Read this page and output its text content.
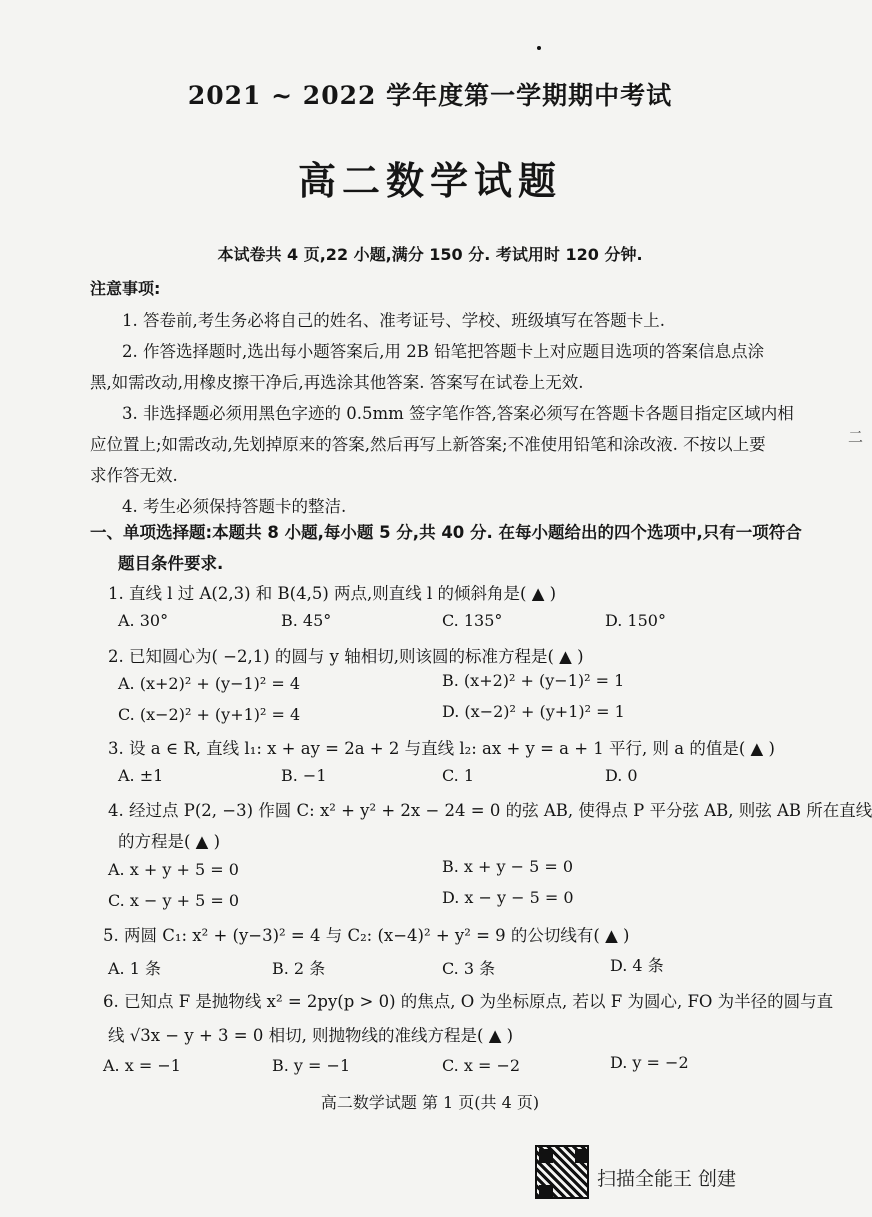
2021 ~ 2022 学年度第一学期期中考试
高二数学试题
本试卷共 4 页,22 小题,满分 150 分. 考试用时 120 分钟.
注意事项:
1. 答卷前,考生务必将自己的姓名、准考证号、学校、班级填写在答题卡上.
2. 作答选择题时,选出每小题答案后,用 2B 铅笔把答题卡上对应题目选项的答案信息点涂
黑,如需改动,用橡皮擦干净后,再选涂其他答案. 答案写在试卷上无效.
3. 非选择题必须用黑色字迹的 0.5mm 签字笔作答,答案必须写在答题卡各题目指定区域内相
应位置上;如需改动,先划掉原来的答案,然后再写上新答案;不准使用铅笔和涂改液. 不按以上要
求作答无效.
4. 考生必须保持答题卡的整洁.
一、单项选择题:本题共 8 小题,每小题 5 分,共 40 分. 在每小题给出的四个选项中,只有一项符合
题目条件要求.
1. 直线 l 过 A(2,3) 和 B(4,5) 两点,则直线 l 的倾斜角是( ▲ )
A. 30°	B. 45°	C. 135°	D. 150°
2. 已知圆心为( −2,1) 的圆与 y 轴相切,则该圆的标准方程是( ▲ )
A. (x+2)² + (y−1)² = 4	B. (x+2)² + (y−1)² = 1
C. (x−2)² + (y+1)² = 4	D. (x−2)² + (y+1)² = 1
3. 设 a ∈ R, 直线 l₁: x + ay = 2a + 2 与直线 l₂: ax + y = a + 1 平行, 则 a 的值是( ▲ )
A. ±1	B. −1	C. 1	D. 0
4. 经过点 P(2, −3) 作圆 C: x² + y² + 2x − 24 = 0 的弦 AB, 使得点 P 平分弦 AB, 则弦 AB 所在直线
的方程是( ▲ )
A. x + y + 5 = 0	B. x + y − 5 = 0
C. x − y + 5 = 0	D. x − y − 5 = 0
5. 两圆 C₁: x² + (y−3)² = 4 与 C₂: (x−4)² + y² = 9 的公切线有( ▲ )
A. 1 条	B. 2 条	C. 3 条	D. 4 条
6. 已知点 F 是抛物线 x² = 2py(p > 0) 的焦点, O 为坐标原点, 若以 F 为圆心, FO 为半径的圆与直
线 √3x − y + 3 = 0 相切, 则抛物线的准线方程是( ▲ )
A. x = −1	B. y = −1	C. x = −2	D. y = −2
高二数学试题 第 1 页(共 4 页)
扫描全能王 创建
二
